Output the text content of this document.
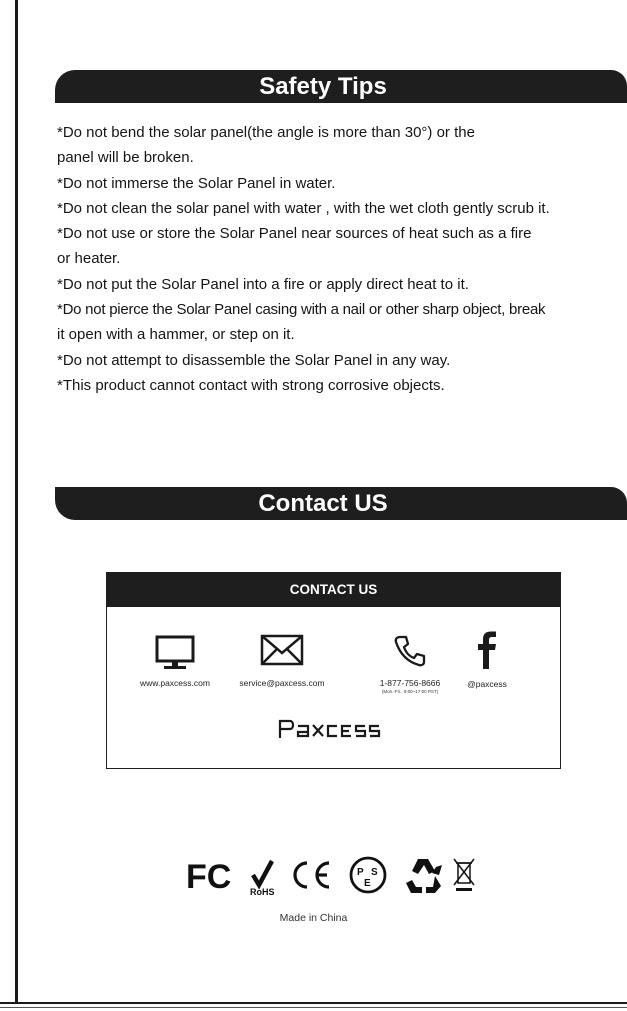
Safety Tips

*Do not bend the solar panel(the angle is more than 30°) or the

panel will be broken.

*Do not immerse the Solar Panel in water.

*Do not clean the solar panel with water , with the wet cloth gently scrub it.

*Do not use or store the Solar Panel near sources of heat such as a fire

or heater.

*Do not put the Solar Panel into a fire or apply direct heat to it.

*Do not pierce the Solar Panel casing with a nail or other sharp object, break

it open with a hammer, or step on it.

*Do not attempt to disassemble the Solar Panel in any way.

*This product cannot contact with strong corrosive objects.

Contact US
CONTACT US
www.paxcess.com	service@paxcess.com	1-877-756-8666
(Mon.-Fri., 9:00~17:00 PST)
@paxcess
FC RoHS
P S
E
Made in China
